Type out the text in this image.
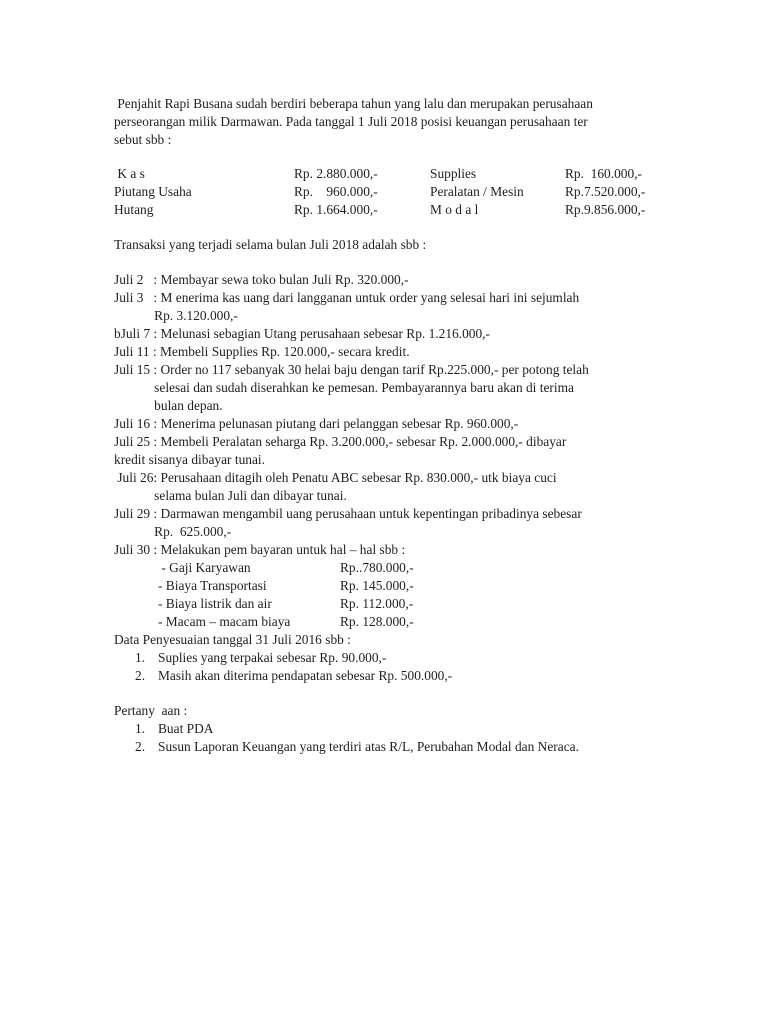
Penjahit Rapi Busana sudah berdiri beberapa tahun yang lalu dan merupakan perusahaan
perseorangan milik Darmawan. Pada tanggal 1 Juli 2018 posisi keuangan perusahaan ter
sebut sbb :
K a s	Rp. 2.880.000,-	Supplies	Rp.  160.000,-
Piutang Usaha	Rp.    960.000,-	Peralatan / Mesin	Rp.7.520.000,-
Hutang	Rp. 1.664.000,-	M o d a l	Rp.9.856.000,-
Transaksi yang terjadi selama bulan Juli 2018 adalah sbb :
Juli 2   : Membayar sewa toko bulan Juli Rp. 320.000,-
Juli 3   : M enerima kas uang dari langganan untuk order yang selesai hari ini sejumlah
Rp. 3.120.000,-
bJuli 7 : Melunasi sebagian Utang perusahaan sebesar Rp. 1.216.000,-
Juli 11 : Membeli Supplies Rp. 120.000,- secara kredit.
Juli 15 : Order no 117 sebanyak 30 helai baju dengan tarif Rp.225.000,- per potong telah
selesai dan sudah diserahkan ke pemesan. Pembayarannya baru akan di terima
bulan depan.
Juli 16 : Menerima pelunasan piutang dari pelanggan sebesar Rp. 960.000,-
Juli 25 : Membeli Peralatan seharga Rp. 3.200.000,- sebesar Rp. 2.000.000,- dibayar
kredit sisanya dibayar tunai.
Juli 26: Perusahaan ditagih oleh Penatu ABC sebesar Rp. 830.000,- utk biaya cuci
selama bulan Juli dan dibayar tunai.
Juli 29 : Darmawan mengambil uang perusahaan untuk kepentingan pribadinya sebesar
Rp.  625.000,-
Juli 30 : Melakukan pem bayaran untuk hal – hal sbb :
- Gaji Karyawan	Rp..780.000,-
- Biaya Transportasi	Rp. 145.000,-
- Biaya listrik dan air	Rp. 112.000,-
- Macam – macam biaya	Rp. 128.000,-
Data Penyesuaian tanggal 31 Juli 2016 sbb :
1. Suplies yang terpakai sebesar Rp. 90.000,-
2. Masih akan diterima pendapatan sebesar Rp. 500.000,-
Pertany  aan :
1. Buat PDA
2. Susun Laporan Keuangan yang terdiri atas R/L, Perubahan Modal dan Neraca.
